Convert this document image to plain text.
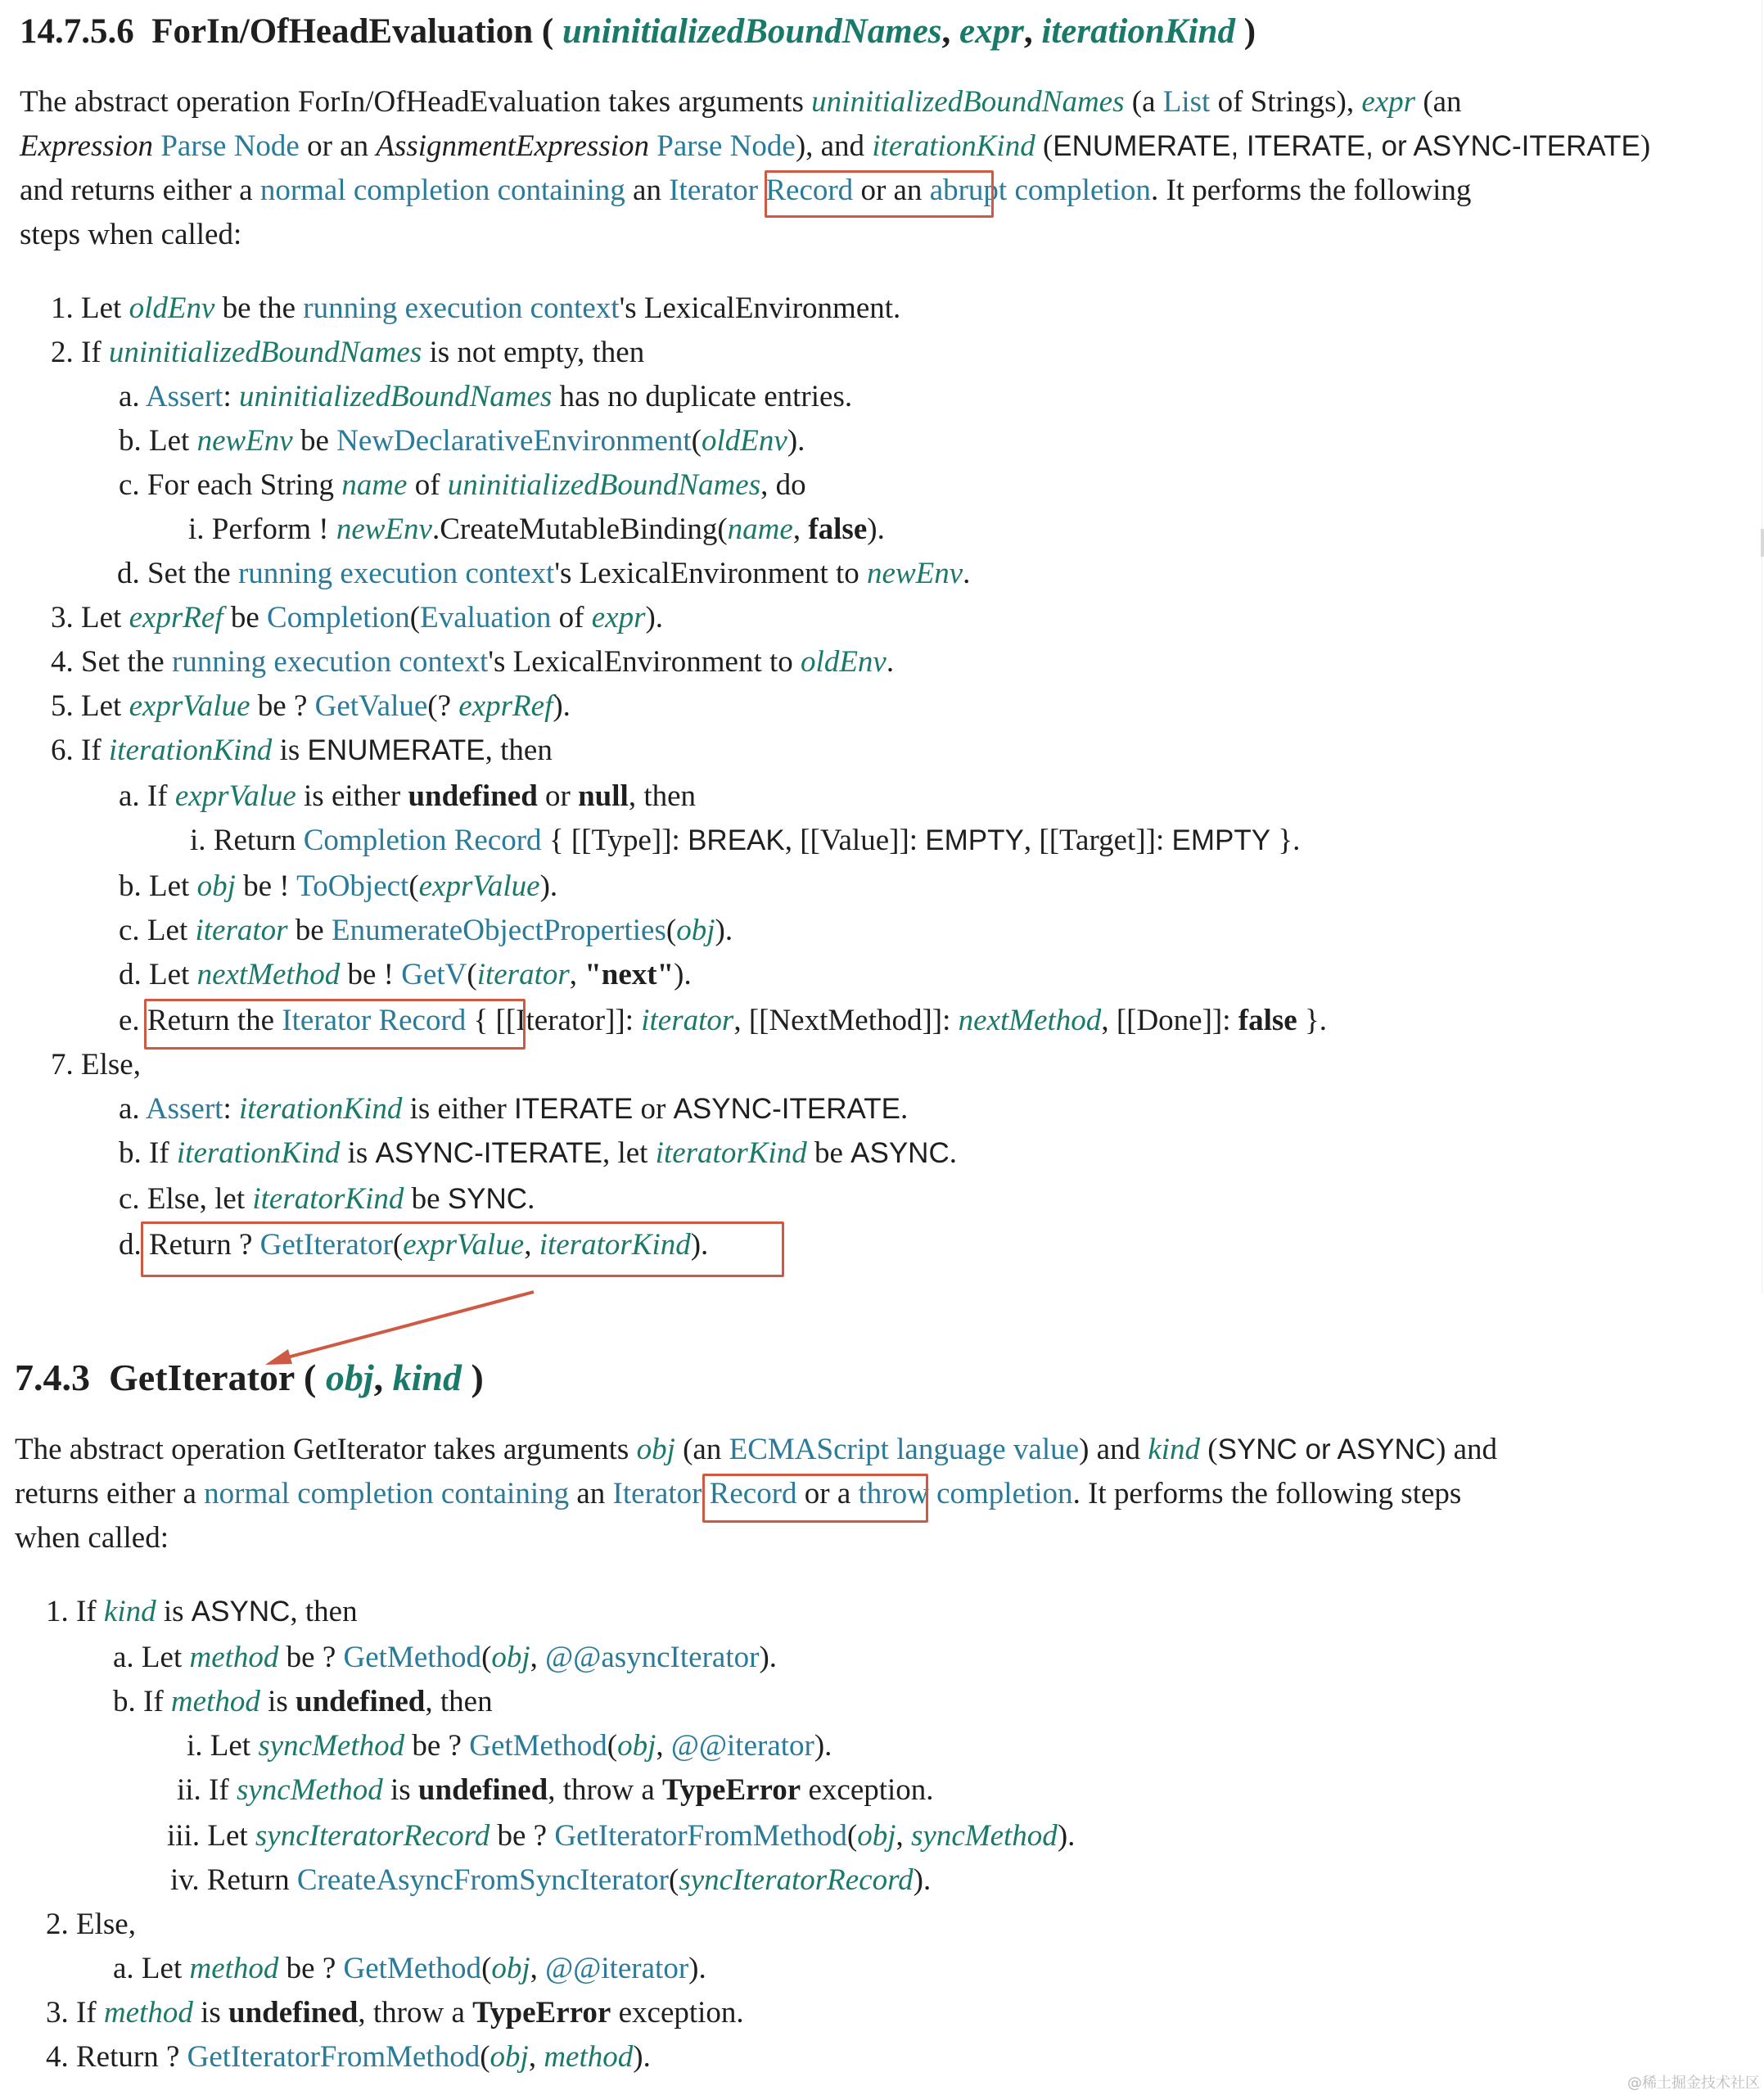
14.7.5.6 ForIn/OfHeadEvaluation ( uninitializedBoundNames, expr, iterationKind )
The abstract operation ForIn/OfHeadEvaluation takes arguments uninitializedBoundNames (a List of Strings), expr (an
Expression Parse Node or an AssignmentExpression Parse Node), and iterationKind (ENUMERATE, ITERATE, or ASYNC-ITERATE)
and returns either a normal completion containing an Iterator Record or an abrupt completion. It performs the following
steps when called:
1. Let oldEnv be the running execution context's LexicalEnvironment.
2. If uninitializedBoundNames is not empty, then
a. Assert: uninitializedBoundNames has no duplicate entries.
b. Let newEnv be NewDeclarativeEnvironment(oldEnv).
c. For each String name of uninitializedBoundNames, do
i. Perform ! newEnv.CreateMutableBinding(name, false).
d. Set the running execution context's LexicalEnvironment to newEnv.
3. Let exprRef be Completion(Evaluation of expr).
4. Set the running execution context's LexicalEnvironment to oldEnv.
5. Let exprValue be ? GetValue(? exprRef).
6. If iterationKind is ENUMERATE, then
a. If exprValue is either undefined or null, then
i. Return Completion Record { [[Type]]: BREAK, [[Value]]: EMPTY, [[Target]]: EMPTY }.
b. Let obj be ! ToObject(exprValue).
c. Let iterator be EnumerateObjectProperties(obj).
d. Let nextMethod be ! GetV(iterator, "next").
e. Return the Iterator Record { [[Iterator]]: iterator, [[NextMethod]]: nextMethod, [[Done]]: false }.
7. Else,
a. Assert: iterationKind is either ITERATE or ASYNC-ITERATE.
b. If iterationKind is ASYNC-ITERATE, let iteratorKind be ASYNC.
c. Else, let iteratorKind be SYNC.
d. Return ? GetIterator(exprValue, iteratorKind).
7.4.3 GetIterator ( obj, kind )
The abstract operation GetIterator takes arguments obj (an ECMAScript language value) and kind (SYNC or ASYNC) and
returns either a normal completion containing an Iterator Record or a throw completion. It performs the following steps
when called:
1. If kind is ASYNC, then
a. Let method be ? GetMethod(obj, @@asyncIterator).
b. If method is undefined, then
i. Let syncMethod be ? GetMethod(obj, @@iterator).
ii. If syncMethod is undefined, throw a TypeError exception.
iii. Let syncIteratorRecord be ? GetIteratorFromMethod(obj, syncMethod).
iv. Return CreateAsyncFromSyncIterator(syncIteratorRecord).
2. Else,
a. Let method be ? GetMethod(obj, @@iterator).
3. If method is undefined, throw a TypeError exception.
4. Return ? GetIteratorFromMethod(obj, method).
@稀土掘金技术社区
